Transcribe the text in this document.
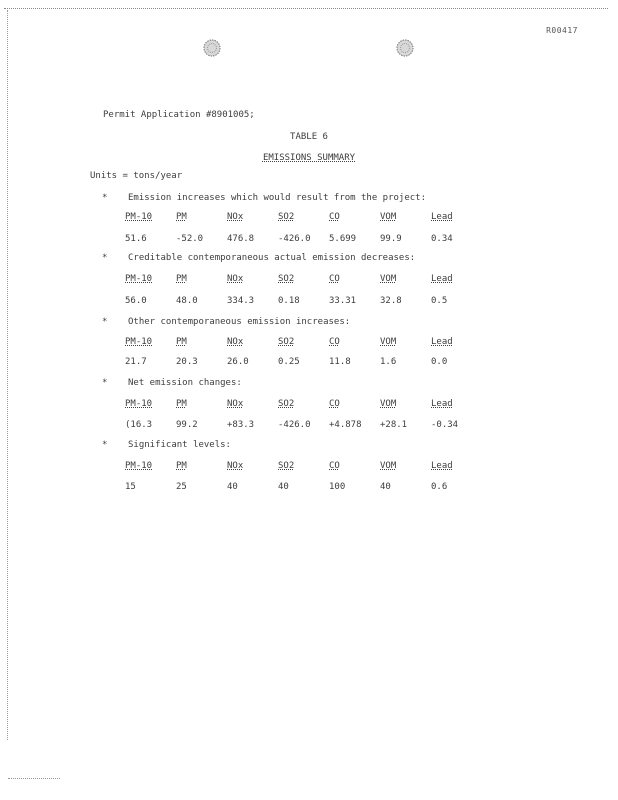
R00417
Permit Application #8901005;
TABLE 6
EMISSIONS SUMMARY
Units = tons/year
* Emission increases which would result from the project:
PM-10	PM	NOx	SO2	CO	VOM	Lead
51.6	-52.0	476.8	-426.0	5.699	99.9	0.34
* Creditable contemporaneous actual emission decreases:
PM-10	PM	NOx	SO2	CO	VOM	Lead
56.0	48.0	334.3	0.18	33.31	32.8	0.5
* Other contemporaneous emission increases:
PM-10	PM	NOx	SO2	CO	VOM	Lead
21.7	20.3	26.0	0.25	11.8	1.6	0.0
* Net emission changes:
PM-10	PM	NOx	SO2	CO	VOM	Lead
(16.3	99.2	+83.3	-426.0	+4.878	+28.1	-0.34
* Significant levels:
PM-10	PM	NOx	SO2	CO	VOM	Lead
15	25	40	40	100	40	0.6
